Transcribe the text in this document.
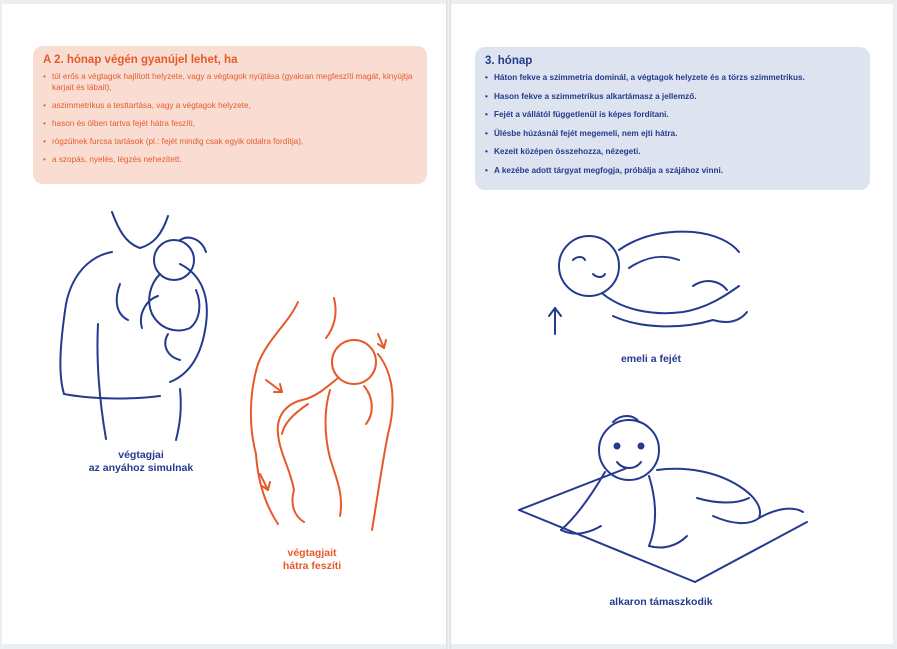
A 2. hónap végén gyanújel lehet, ha
• túl erős a végtagok hajlított helyzete, vagy a végtagok nyújtása (gyakran megfeszíti magát, kinyújtja karjait és lábait),
• aszimmetrikus a testtartása, vagy a végtagok helyzete,
• hason és ölben tartva fejét hátra feszíti,
• rögzülnek furcsa tartások (pl.: fejét mindig csak egyik oldalra fordítja),
• a szopás, nyelés, légzés nehezített.
végtagjai
az anyához simulnak
végtagjait
hátra feszíti
3. hónap
• Háton fekve a szimmetria dominál, a végtagok helyzete és a törzs szimmetrikus.
• Hason fekve a szimmetrikus alkartámasz a jellemző.
• Fejét a vállától függetlenül is képes fordítani.
• Ülésbe húzásnál fejét megemeli, nem ejti hátra.
• Kezeit középen összehozza, nézegeti.
• A kezébe adott tárgyat megfogja, próbálja a szájához vinni.
emeli a fejét
alkaron támaszkodik
